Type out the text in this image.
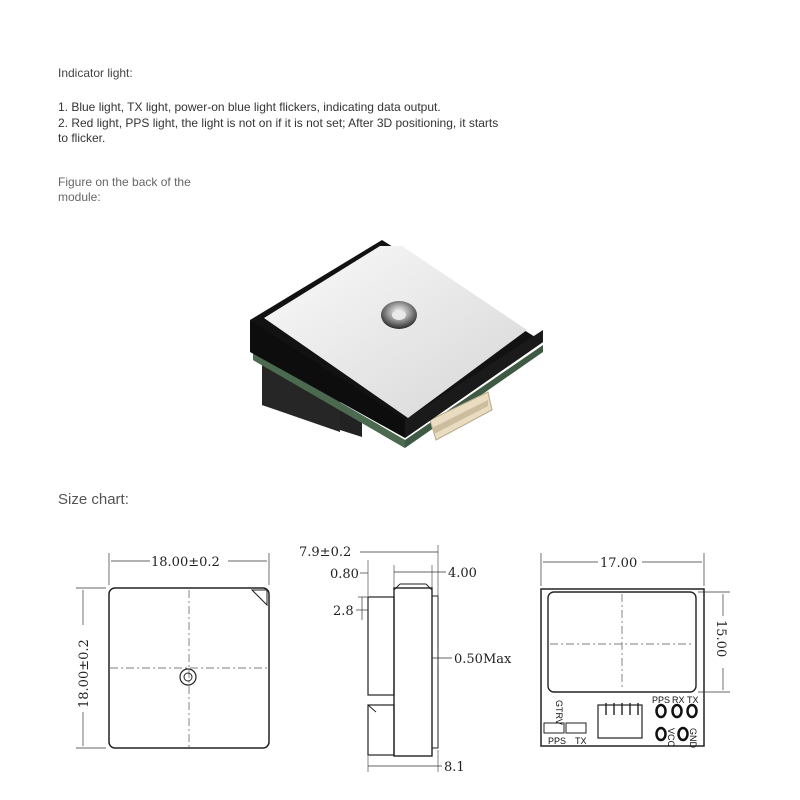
Indicator light:
1. Blue light, TX light, power-on blue light flickers, indicating data output.
2. Red light, PPS light, the light is not on if it is not set; After 3D positioning, it starts to flicker.
Figure on the back of the module:
Size chart:
18.00±0.2
18.00±0.2
7.9±0.2
0.80	4.00
2.8
0.50Max
8.1
GTRV
PPS TX
PPS RX TX
VCC GND
17.00
15.00
